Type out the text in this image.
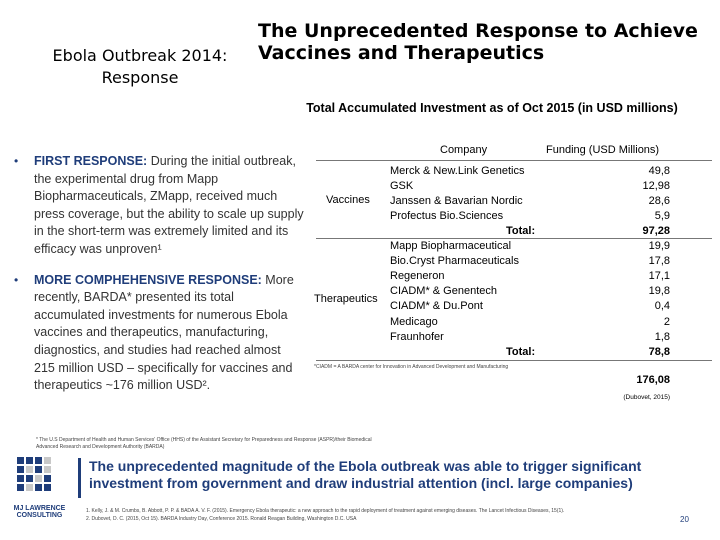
Ebola Outbreak 2014: Response
The Unprecedented Response to Achieve Vaccines and Therapeutics
Total Accumulated Investment as of Oct 2015 (in USD millions)
• FIRST RESPONSE: During the initial outbreak, the experimental drug from Mapp Biopharmaceuticals, ZMapp, received much press coverage, but the ability to scale up supply in the short-term was extremely limited and its efficacy was unproven¹
• MORE COMPHEHENSIVE RESPONSE: More recently, BARDA* presented its total accumulated investments for numerous Ebola vaccines and therapeutics, manufacturing, diagnostics, and studies had reached almost 215 million USD – specifically for vaccines and therapeutics ~176 million USD².
Company	Funding (USD Millions)
Vaccines
Merck & New.Link Genetics	49,8
GSK	12,98
Janssen & Bavarian Nordic	28,6
Profectus Bio.Sciences	5,9
Total:	97,28
Therapeutics
Mapp Biopharmaceutical	19,9
Bio.Cryst Pharmaceuticals	17,8
Regeneron	17,1
CIADM* & Genentech	19,8
CIADM* & Du.Pont	0,4
Medicago	2
Fraunhofer	1,8
Total:	78,8
*CIADM = A BARDA center for Innovation in Advanced Development and Manufacturing
176,08
(Dubovet, 2015)
* The U.S Department of Health and Human Services' Office (HHS) of the Assistant Secretary for Preparedness and Response (ASPR)/their Biomedical Advanced Research and Development Authority (BARDA)
MJ LAWRENCE CONSULTING
The unprecedented magnitude of the Ebola outbreak was able to trigger significant investment from government and draw industrial attention (incl. large companies)
1. Kelly, J. & M. Crumbs, B. Abbott, P. P. & BADA A. V. F. (2015). Emergency Ebola therapeutic: a new approach to the rapid deployment of treatment against emerging diseases. The Lancet Infectious Diseases, 15(1).
2. Dubovet, D. C. (2015, Oct 15). BARDA Industry Day, Conference 2015. Ronald Reagan Building, Washington D.C. USA	20
